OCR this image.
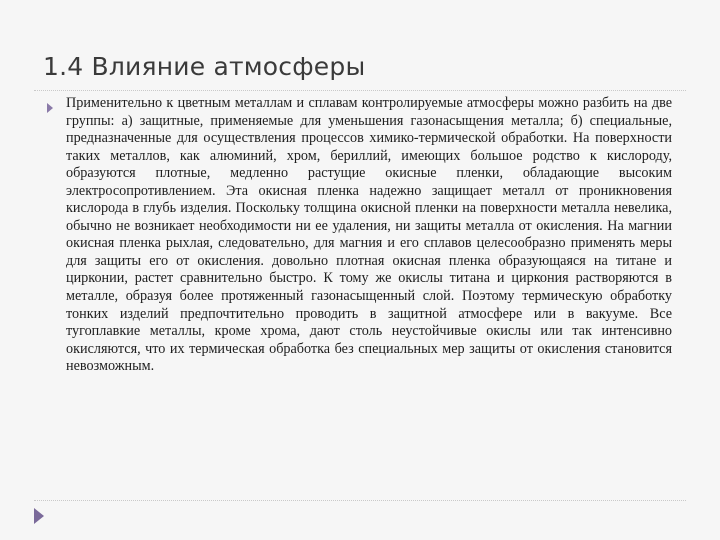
1.4 Влияние атмосферы

Применительно к цветным металлам и сплавам контролируемые атмосферы можно разбить на две группы: а) защитные, применяемые для уменьшения газонасыщения металла; б) специальные, предназначенные для осуществления процессов химико-термической обработки. На поверхности таких металлов, как алюминий, хром, бериллий, имеющих большое родство к кислороду, образуются плотные, медленно растущие окисные пленки, обладающие высоким электросопротивлением. Эта окисная пленка надежно защищает металл от проникновения кислорода в глубь изделия. Поскольку толщина окисной пленки на поверхности металла невелика, обычно не возникает необходимости ни ее удаления, ни защиты металла от окисления. На магнии окисная пленка рыхлая, следовательно, для магния и его сплавов целесообразно применять меры для защиты его от окисления. довольно плотная окисная пленка образующаяся на титане и цирконии, растет сравнительно быстро. К тому же окислы титана и циркония растворяются в металле, образуя более протяженный газонасыщенный слой. Поэтому термическую обработку тонких изделий предпочтительно проводить в защитной атмосфере или в вакууме. Все тугоплавкие металлы, кроме хрома, дают столь неустойчивые окислы или так интенсивно окисляются, что их термическая обработка без специальных мер защиты от окисления становится невозможным.
